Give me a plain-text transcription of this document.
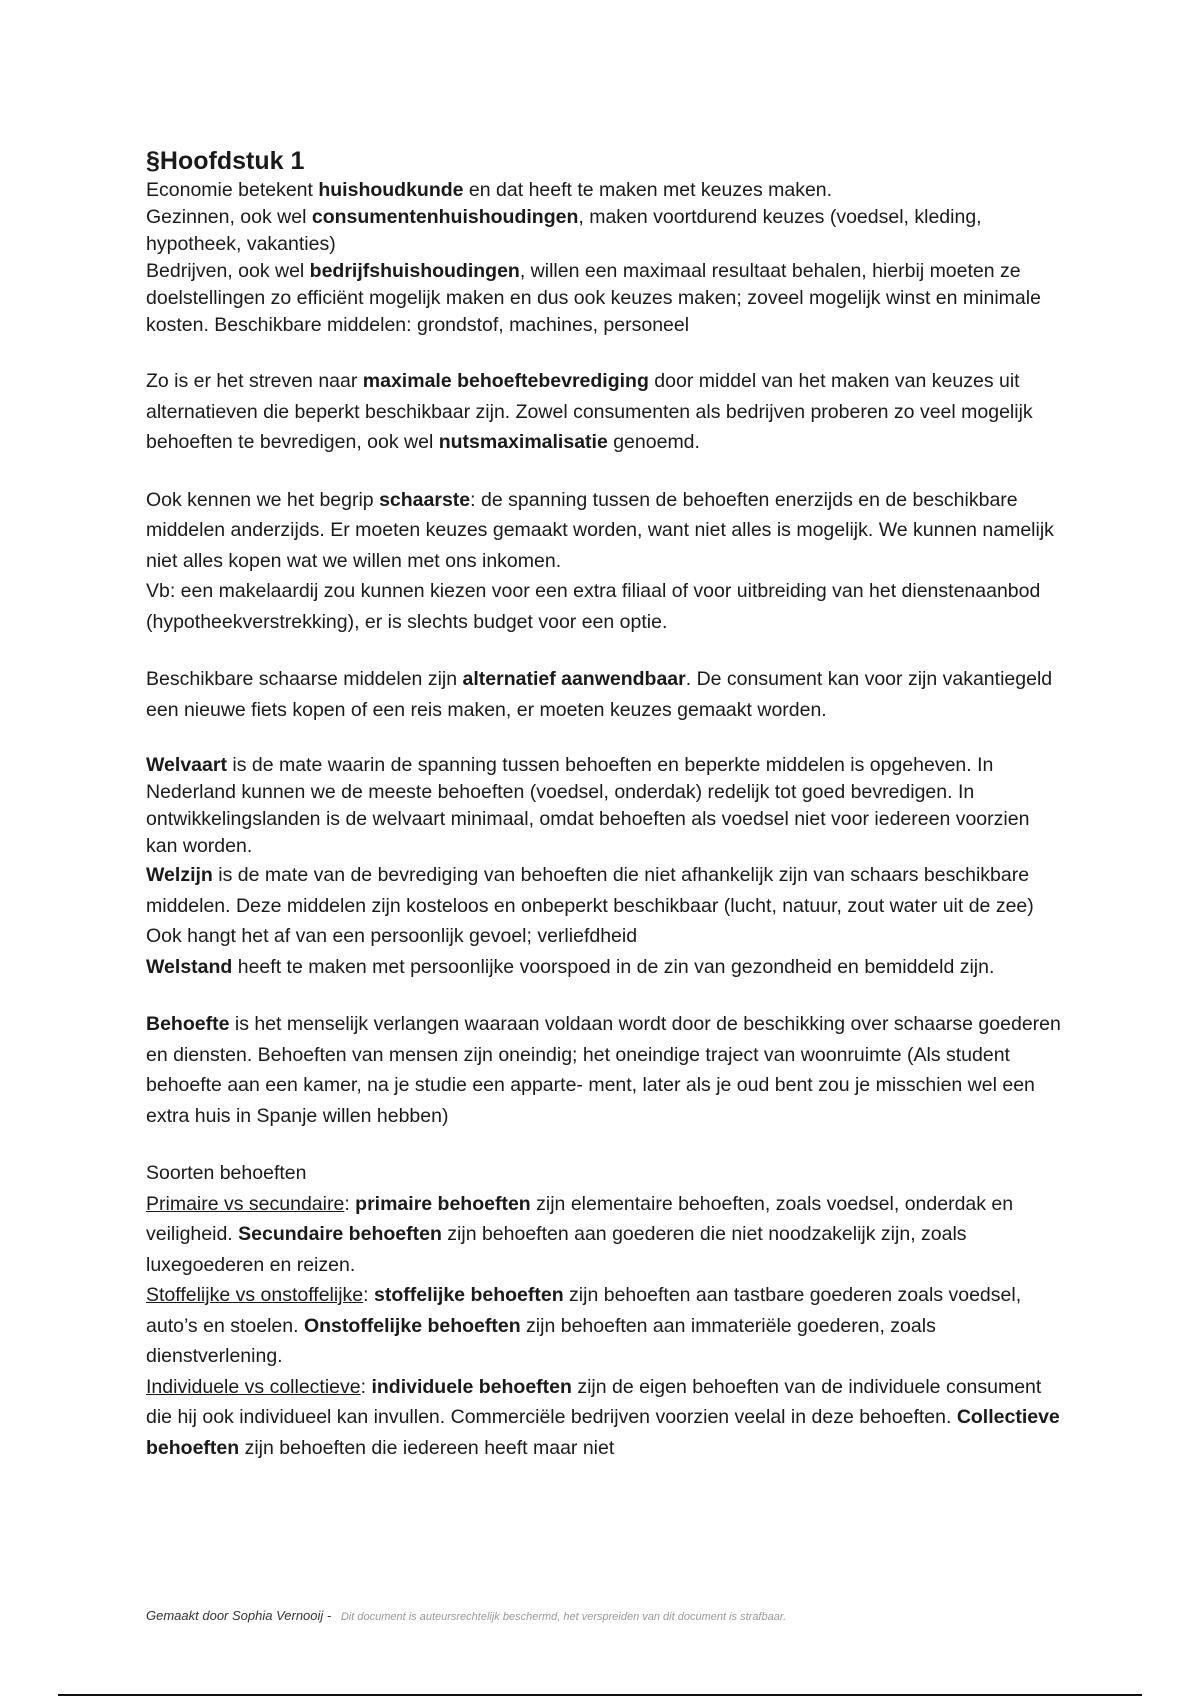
§Hoofdstuk 1

Economie betekent huishoudkunde en dat heeft te maken met keuzes maken.
Gezinnen, ook wel consumentenhuishoudingen, maken voortdurend keuzes (voedsel, kleding, hypotheek, vakanties)
Bedrijven, ook wel bedrijfshuishoudingen, willen een maximaal resultaat behalen, hierbij moeten ze doelstellingen zo efficiënt mogelijk maken en dus ook keuzes maken; zoveel mogelijk winst en minimale kosten. Beschikbare middelen: grondstof, machines, personeel

Zo is er het streven naar maximale behoeftebevrediging door middel van het maken van keuzes uit alternatieven die beperkt beschikbaar zijn. Zowel consumenten als bedrijven proberen zo veel mogelijk behoeften te bevredigen, ook wel nutsmaximalisatie genoemd.

Ook kennen we het begrip schaarste: de spanning tussen de behoeften enerzijds en de beschikbare middelen anderzijds. Er moeten keuzes gemaakt worden, want niet alles is mogelijk. We kunnen namelijk niet alles kopen wat we willen met ons inkomen.
Vb: een makelaardij zou kunnen kiezen voor een extra filiaal of voor uitbreiding van het dienstenaanbod (hypotheekverstrekking), er is slechts budget voor een optie.

Beschikbare schaarse middelen zijn alternatief aanwendbaar. De consument kan voor zijn vakantiegeld een nieuwe fiets kopen of een reis maken, er moeten keuzes gemaakt worden.

Welvaart is de mate waarin de spanning tussen behoeften en beperkte middelen is opgeheven. In Nederland kunnen we de meeste behoeften (voedsel, onderdak) redelijk tot goed bevredigen. In ontwikkelingslanden is de welvaart minimaal, omdat behoeften als voedsel niet voor iedereen voorzien kan worden.

Welzijn is de mate van de bevrediging van behoeften die niet afhankelijk zijn van schaars beschikbare middelen. Deze middelen zijn kosteloos en onbeperkt beschikbaar (lucht, natuur, zout water uit de zee) Ook hangt het af van een persoonlijk gevoel; verliefdheid
Welstand heeft te maken met persoonlijke voorspoed in de zin van gezondheid en bemiddeld zijn.

Behoefte is het menselijk verlangen waaraan voldaan wordt door de beschikking over schaarse goederen en diensten. Behoeften van mensen zijn oneindig; het oneindige traject van woonruimte (Als student behoefte aan een kamer, na je studie een apparte- ment, later als je oud bent zou je misschien wel een extra huis in Spanje willen hebben)

Soorten behoeften
Primaire vs secundaire: primaire behoeften zijn elementaire behoeften, zoals voedsel, onderdak en veiligheid. Secundaire behoeften zijn behoeften aan goederen die niet noodzakelijk zijn, zoals luxegoederen en reizen.
Stoffelijke vs onstoffelijke: stoffelijke behoeften zijn behoeften aan tastbare goederen zoals voedsel, auto’s en stoelen. Onstoffelijke behoeften zijn behoeften aan immateriële goederen, zoals dienstverlening.
Individuele vs collectieve: individuele behoeften zijn de eigen behoeften van de individuele consument die hij ook individueel kan invullen. Commerciële bedrijven voorzien veelal in deze behoeften. Collectieve behoeften zijn behoeften die iedereen heeft maar niet

Gemaakt door Sophia Vernooij - Dit document is auteursrechtelijk beschermd, het verspreiden van dit document is strafbaar.
